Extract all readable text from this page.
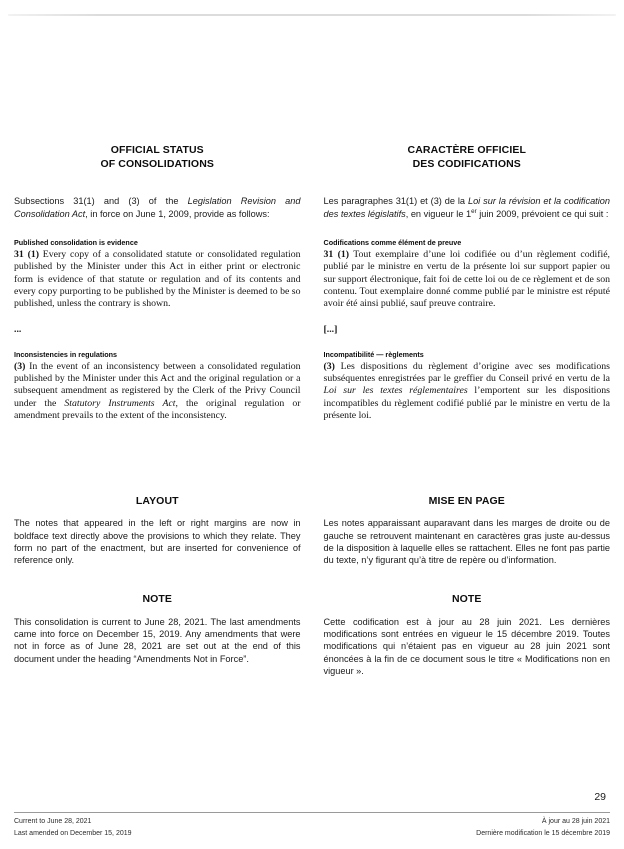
OFFICIAL STATUS
OF CONSOLIDATIONS
CARACTÈRE OFFICIEL
DES CODIFICATIONS
Subsections 31(1) and (3) of the Legislation Revision and Consolidation Act, in force on June 1, 2009, provide as follows:
Les paragraphes 31(1) et (3) de la Loi sur la révision et la codification des textes législatifs, en vigueur le 1er juin 2009, prévoient ce qui suit :
Published consolidation is evidence
31 (1) Every copy of a consolidated statute or consolidated regulation published by the Minister under this Act in either print or electronic form is evidence of that statute or regulation and of its contents and every copy purporting to be published by the Minister is deemed to be so published, unless the contrary is shown.
...
Inconsistencies in regulations
(3) In the event of an inconsistency between a consolidated regulation published by the Minister under this Act and the original regulation or a subsequent amendment as registered by the Clerk of the Privy Council under the Statutory Instruments Act, the original regulation or amendment prevails to the extent of the inconsistency.
Codifications comme élément de preuve
31 (1) Tout exemplaire d’une loi codifiée ou d’un règlement codifié, publié par le ministre en vertu de la présente loi sur support papier ou sur support électronique, fait foi de cette loi ou de ce règlement et de son contenu. Tout exemplaire donné comme publié par le ministre est réputé avoir été ainsi publié, sauf preuve contraire.
[...]
Incompatibilité — règlements
(3) Les dispositions du règlement d’origine avec ses modifications subséquentes enregistrées par le greffier du Conseil privé en vertu de la Loi sur les textes réglementaires l’emportent sur les dispositions incompatibles du règlement codifié publié par le ministre en vertu de la présente loi.
LAYOUT	MISE EN PAGE
The notes that appeared in the left or right margins are now in boldface text directly above the provisions to which they relate. They form no part of the enactment, but are inserted for convenience of reference only.
Les notes apparaissant auparavant dans les marges de droite ou de gauche se retrouvent maintenant en caractères gras juste au-dessus de la disposition à laquelle elles se rattachent. Elles ne font pas partie du texte, n’y figurant qu’à titre de repère ou d’information.
NOTE	NOTE
This consolidation is current to June 28, 2021. The last amendments came into force on December 15, 2019. Any amendments that were not in force as of June 28, 2021 are set out at the end of this document under the heading “Amendments Not in Force”.
Cette codification est à jour au 28 juin 2021. Les dernières modifications sont entrées en vigueur le 15 décembre 2019. Toutes modifications qui n’étaient pas en vigueur au 28 juin 2021 sont énoncées à la fin de ce document sous le titre « Modifications non en vigueur ».
29
Current to June 28, 2021
Last amended on December 15, 2019
À jour au 28 juin 2021
Dernière modification le 15 décembre 2019
